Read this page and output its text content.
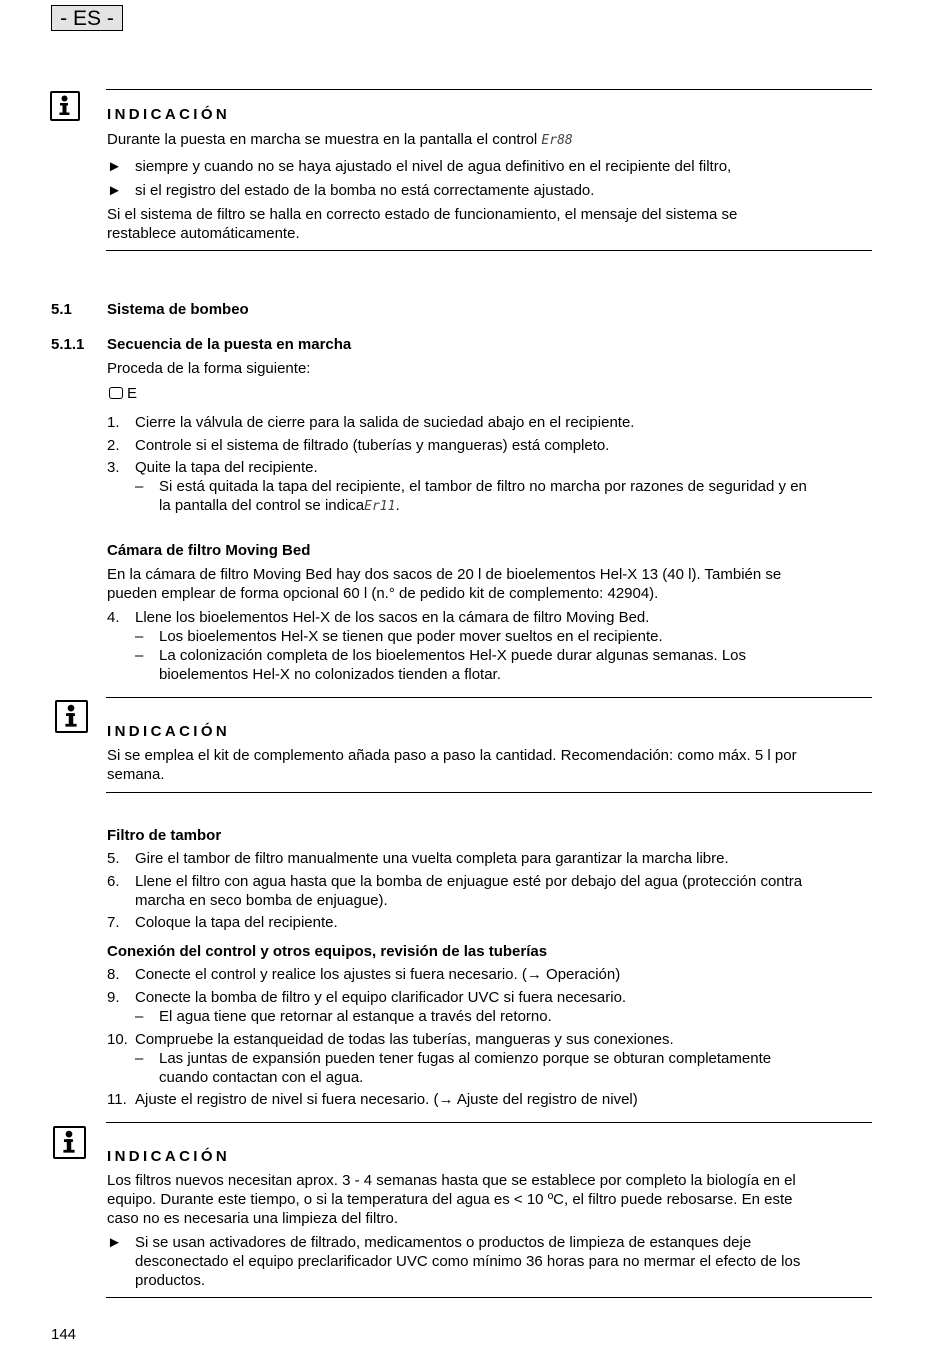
- ES -
INDICACIÓN
Durante la puesta en marcha se muestra en la pantalla el control Er88
► siempre y cuando no se haya ajustado el nivel de agua definitivo en el recipiente del filtro,
► si el registro del estado de la bomba no está correctamente ajustado.
Si el sistema de filtro se halla en correcto estado de funcionamiento, el mensaje del sistema se
restablece automáticamente.
5.1 Sistema de bombeo
5.1.1 Secuencia de la puesta en marcha
Proceda de la forma siguiente:
E
1. Cierre la válvula de cierre para la salida de suciedad abajo en el recipiente.
2. Controle si el sistema de filtrado (tuberías y mangueras) está completo.
3. Quite la tapa del recipiente.
– Si está quitada la tapa del recipiente, el tambor de filtro no marcha por razones de seguridad y en
la pantalla del control se indicaEr11.
Cámara de filtro Moving Bed
En la cámara de filtro Moving Bed hay dos sacos de 20 l de bioelementos Hel-X 13 (40 l). También se
pueden emplear de forma opcional 60 l (n.° de pedido kit de complemento: 42904).
4. Llene los bioelementos Hel-X de los sacos en la cámara de filtro Moving Bed.
– Los bioelementos Hel-X se tienen que poder mover sueltos en el recipiente.
– La colonización completa de los bioelementos Hel-X puede durar algunas semanas. Los
bioelementos Hel-X no colonizados tienden a flotar.
INDICACIÓN
Si se emplea el kit de complemento añada paso a paso la cantidad. Recomendación: como máx. 5 l por
semana.
Filtro de tambor
5. Gire el tambor de filtro manualmente una vuelta completa para garantizar la marcha libre.
6. Llene el filtro con agua hasta que la bomba de enjuague esté por debajo del agua (protección contra
marcha en seco bomba de enjuague).
7. Coloque la tapa del recipiente.
Conexión del control y otros equipos, revisión de las tuberías
8. Conecte el control y realice los ajustes si fuera necesario. (→ Operación)
9. Conecte la bomba de filtro y el equipo clarificador UVC si fuera necesario.
– El agua tiene que retornar al estanque a través del retorno.
10. Compruebe la estanqueidad de todas las tuberías, mangueras y sus conexiones.
– Las juntas de expansión pueden tener fugas al comienzo porque se obturan completamente
cuando contactan con el agua.
11. Ajuste el registro de nivel si fuera necesario. (→ Ajuste del registro de nivel)
INDICACIÓN
Los filtros nuevos necesitan aprox. 3 - 4 semanas hasta que se establece por completo la biología en el
equipo. Durante este tiempo, o si la temperatura del agua es < 10 ºC, el filtro puede rebosarse. En este
caso no es necesaria una limpieza del filtro.
► Si se usan activadores de filtrado, medicamentos o productos de limpieza de estanques deje
desconectado el equipo preclarificador UVC como mínimo 36 horas para no mermar el efecto de los
productos.
144
